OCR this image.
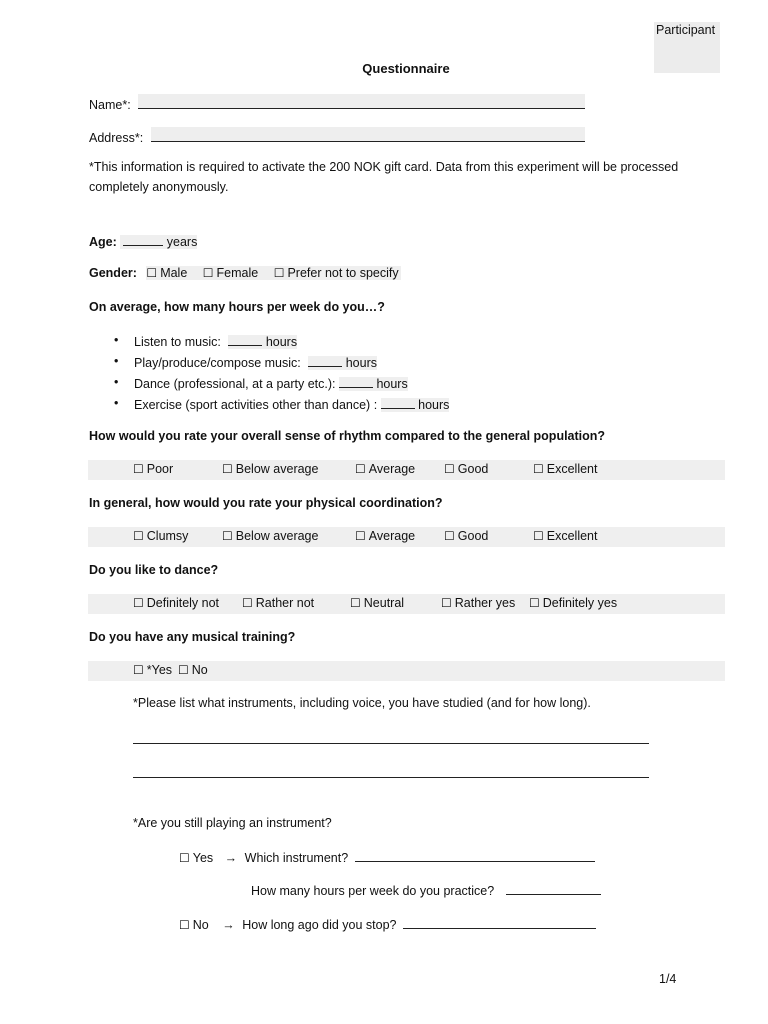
Participant
Questionnaire
Name*:
Address*:
*This information is required to activate the 200 NOK gift card. Data from this experiment will be processed
completely anonymously.
Age:	years
Gender: ☐ Male ☐ Female ☐ Prefer not to specify
On average, how many hours per week do you…?
• Listen to music:	hours
• Play/produce/compose music:	hours
• Dance (professional, at a party etc.):	hours
• Exercise (sport activities other than dance) :	hours
How would you rate your overall sense of rhythm compared to the general population?
☐ Poor	☐ Below average	☐ Average ☐ Good	☐ Excellent
In general, how would you rate your physical coordination?
☐ Clumsy	☐ Below average	☐ Average ☐ Good	☐ Excellent
Do you like to dance?
☐ Definitely not ☐ Rather not	☐ Neutral	☐ Rather yes ☐ Definitely yes
Do you have any musical training?
☐ *Yes ☐ No
*Please list what instruments, including voice, you have studied (and for how long).
*Are you still playing an instrument?
☐ Yes → Which instrument?
How many hours per week do you practice?
☐ No → How long ago did you stop?
1/4
